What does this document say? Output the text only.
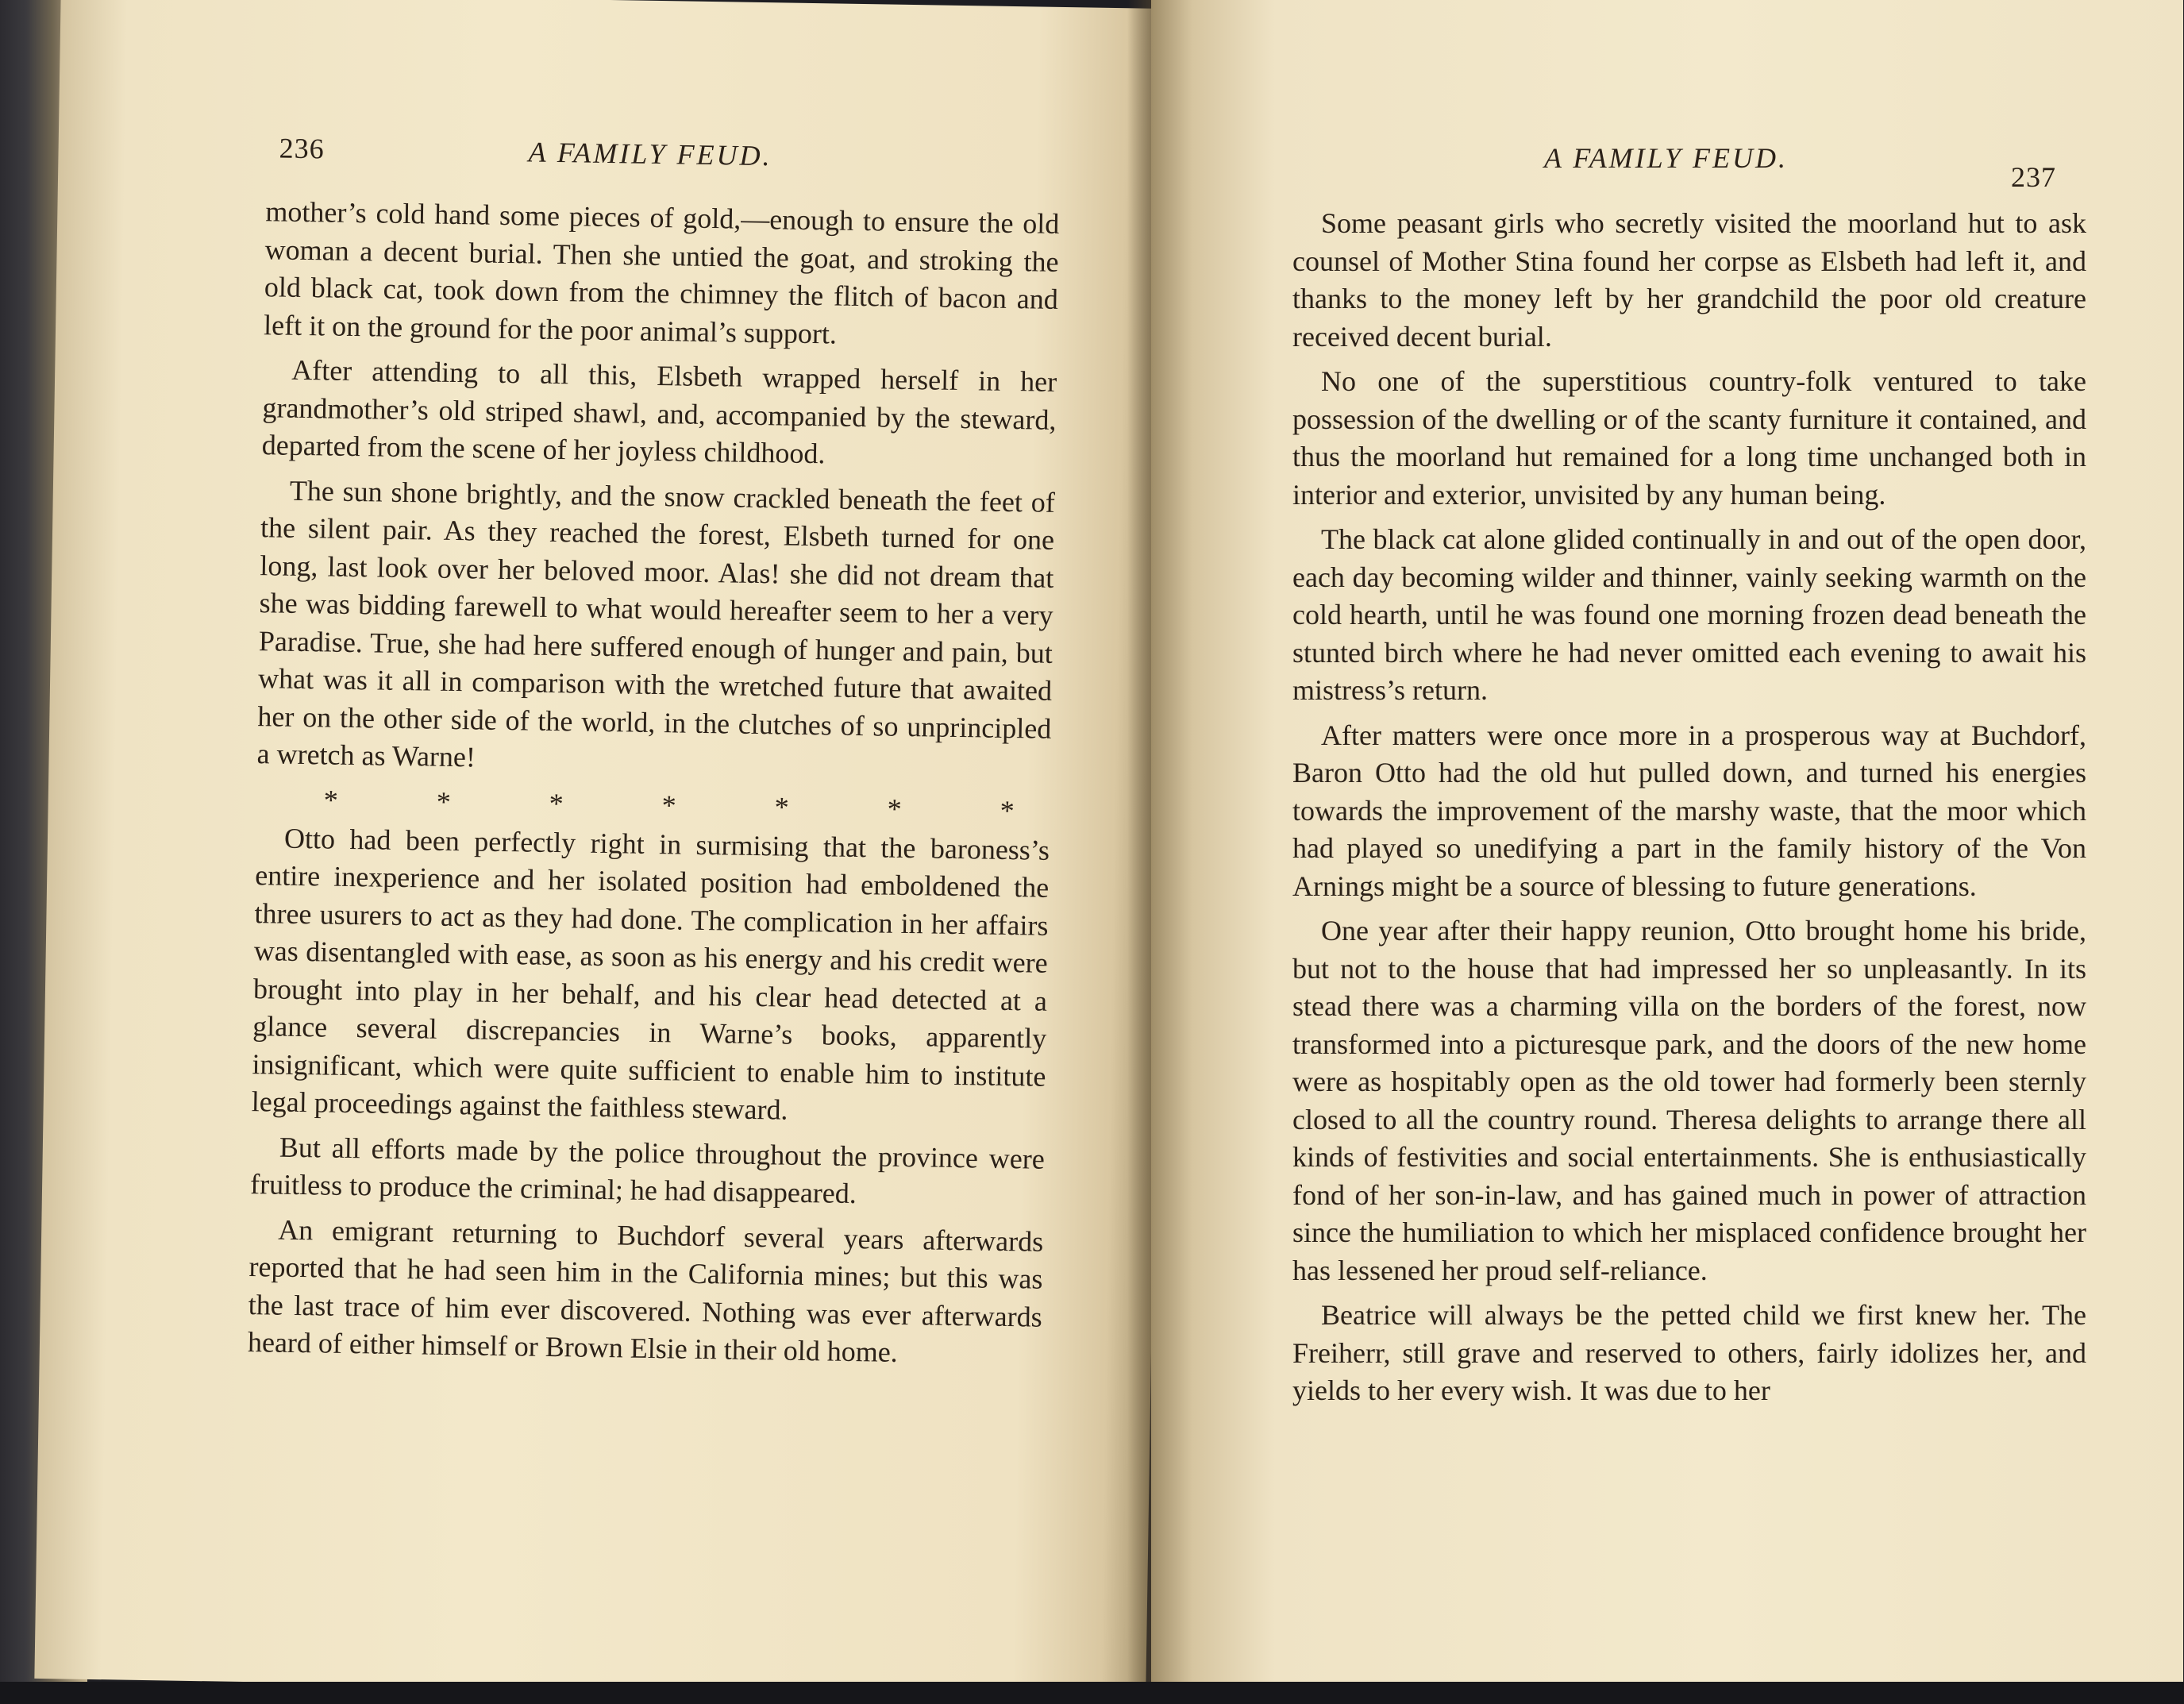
236	A FAMILY FEUD.

mother’s cold hand some pieces of gold,—enough to ensure the old woman a decent burial. Then she untied the goat, and stroking the old black cat, took down from the chimney the flitch of bacon and left it on the ground for the poor animal’s support.

After attending to all this, Elsbeth wrapped herself in her grandmother’s old striped shawl, and, accompanied by the steward, departed from the scene of her joyless childhood.

The sun shone brightly, and the snow crackled beneath the feet of the silent pair. As they reached the forest, Elsbeth turned for one long, last look over her beloved moor. Alas! she did not dream that she was bidding farewell to what would hereafter seem to her a very Paradise. True, she had here suffered enough of hunger and pain, but what was it all in comparison with the wretched future that awaited her on the other side of the world, in the clutches of so unprincipled a wretch as Warne!

*	*	*	*	*	*	*

Otto had been perfectly right in surmising that the baroness’s entire inexperience and her isolated position had emboldened the three usurers to act as they had done. The complication in her affairs was disentangled with ease, as soon as his energy and his credit were brought into play in her behalf, and his clear head detected at a glance several discrepancies in Warne’s books, apparently insignificant, which were quite sufficient to enable him to institute legal proceedings against the faithless steward.

But all efforts made by the police throughout the province were fruitless to produce the criminal; he had disappeared.

An emigrant returning to Buchdorf several years afterwards reported that he had seen him in the California mines; but this was the last trace of him ever discovered. Nothing was ever afterwards heard of either himself or Brown Elsie in their old home.

A FAMILY FEUD.
237

Some peasant girls who secretly visited the moorland hut to ask counsel of Mother Stina found her corpse as Elsbeth had left it, and thanks to the money left by her grandchild the poor old creature received decent burial.

No one of the superstitious country-folk ventured to take possession of the dwelling or of the scanty furniture it contained, and thus the moorland hut remained for a long time unchanged both in interior and exterior, unvisited by any human being.

The black cat alone glided continually in and out of the open door, each day becoming wilder and thinner, vainly seeking warmth on the cold hearth, until he was found one morning frozen dead beneath the stunted birch where he had never omitted each evening to await his mistress’s return.

After matters were once more in a prosperous way at Buchdorf, Baron Otto had the old hut pulled down, and turned his energies towards the improvement of the marshy waste, that the moor which had played so unedifying a part in the family history of the Von Arnings might be a source of blessing to future generations.

One year after their happy reunion, Otto brought home his bride, but not to the house that had impressed her so unpleasantly. In its stead there was a charming villa on the borders of the forest, now transformed into a picturesque park, and the doors of the new home were as hospitably open as the old tower had formerly been sternly closed to all the country round. Theresa delights to arrange there all kinds of festivities and social entertainments. She is enthusiastically fond of her son-in-law, and has gained much in power of attraction since the humiliation to which her misplaced confidence brought her has lessened her proud self-reliance.

Beatrice will always be the petted child we first knew her. The Freiherr, still grave and reserved to others, fairly idolizes her, and yields to her every wish. It was due to her
